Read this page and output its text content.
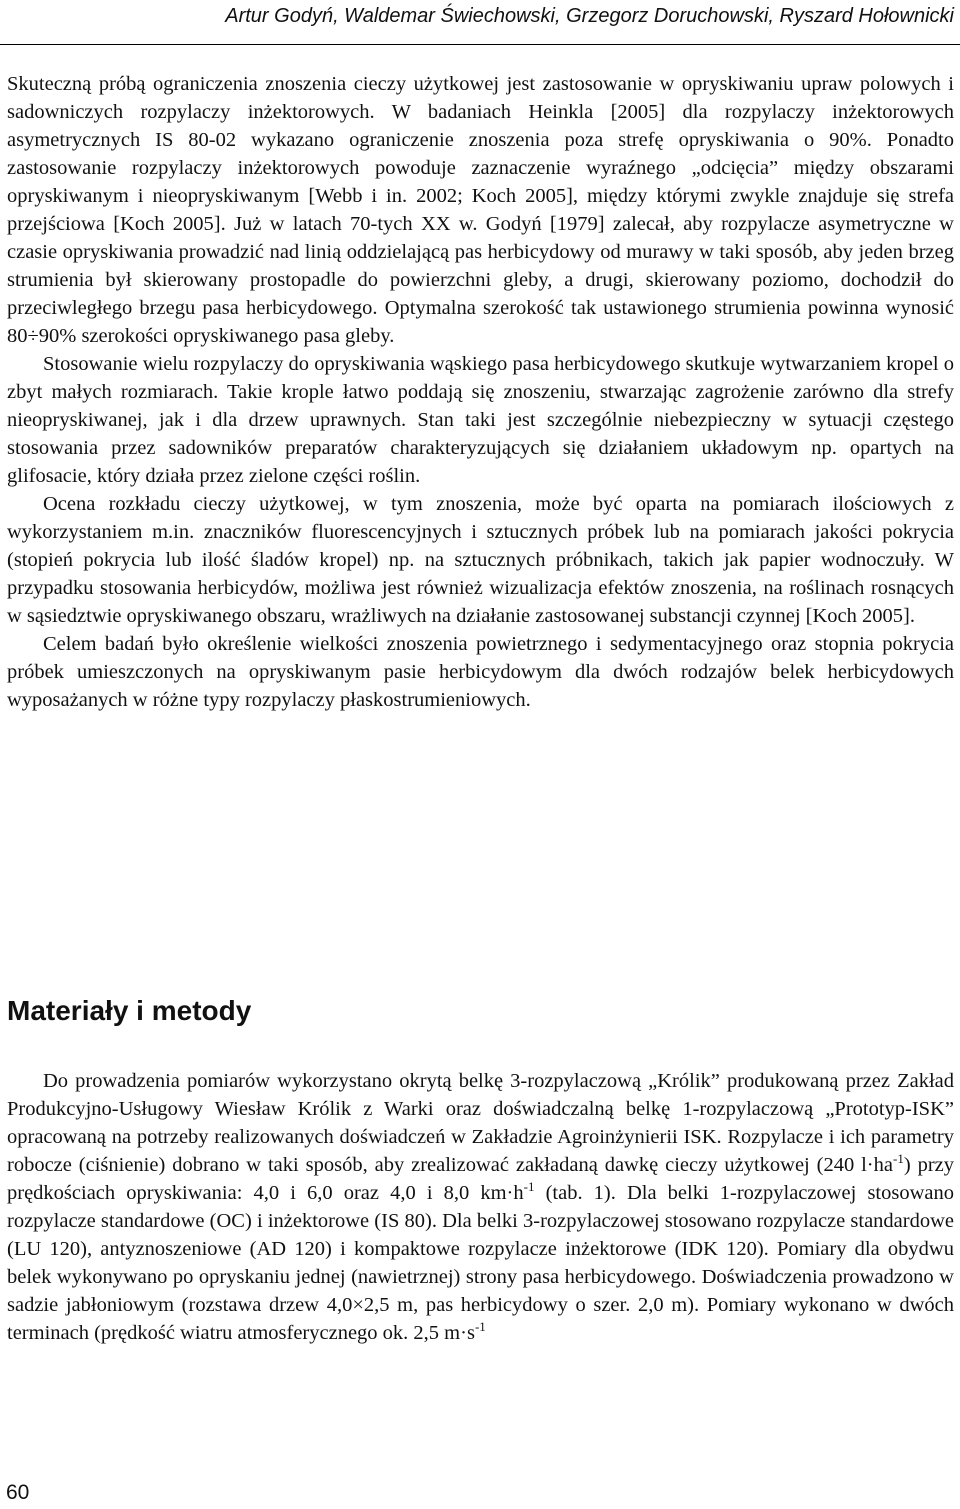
Artur Godyń, Waldemar Świechowski, Grzegorz Doruchowski, Ryszard Hołownicki

Skuteczną próbą ograniczenia znoszenia cieczy użytkowej jest zastosowanie w opryskiwaniu upraw polowych i sadowniczych rozpylaczy inżektorowych. W badaniach Heinkla [2005] dla rozpylaczy inżektorowych asymetrycznych IS 80-02 wykazano ograniczenie znoszenia poza strefę opryskiwania o 90%. Ponadto zastosowanie rozpylaczy inżektorowych powoduje zaznaczenie wyraźnego „odcięcia” między obszarami opryskiwanym i nieopryskiwanym [Webb i in. 2002; Koch 2005], między którymi zwykle znajduje się strefa przejściowa [Koch 2005]. Już w latach 70-tych XX w. Godyń [1979] zalecał, aby rozpylacze asymetryczne w czasie opryskiwania prowadzić nad linią oddzielającą pas herbicydowy od murawy w taki sposób, aby jeden brzeg strumienia był skierowany prostopadle do powierzchni gleby, a drugi, skierowany poziomo, dochodził do przeciwległego brzegu pasa herbicydowego. Optymalna szerokość tak ustawionego strumienia powinna wynosić 80÷90% szerokości opryskiwanego pasa gleby.

Stosowanie wielu rozpylaczy do opryskiwania wąskiego pasa herbicydowego skutkuje wytwarzaniem kropel o zbyt małych rozmiarach. Takie krople łatwo poddają się znoszeniu, stwarzając zagrożenie zarówno dla strefy nieopryskiwanej, jak i dla drzew uprawnych. Stan taki jest szczególnie niebezpieczny w sytuacji częstego stosowania przez sadowników preparatów charakteryzujących się działaniem układowym np. opartych na glifosacie, który działa przez zielone części roślin.

Ocena rozkładu cieczy użytkowej, w tym znoszenia, może być oparta na pomiarach ilościowych z wykorzystaniem m.in. znaczników fluorescencyjnych i sztucznych próbek lub na pomiarach jakości pokrycia (stopień pokrycia lub ilość śladów kropel) np. na sztucznych próbnikach, takich jak papier wodnoczuły. W przypadku stosowania herbicydów, możliwa jest również wizualizacja efektów znoszenia, na roślinach rosnących w sąsiedztwie opryskiwanego obszaru, wrażliwych na działanie zastosowanej substancji czynnej [Koch 2005].

Celem badań było określenie wielkości znoszenia powietrznego i sedymentacyjnego oraz stopnia pokrycia próbek umieszczonych na opryskiwanym pasie herbicydowym dla dwóch rodzajów belek herbicydowych wyposażanych w różne typy rozpylaczy płaskostrumieniowych.

Materiały i metody

Do prowadzenia pomiarów wykorzystano okrytą belkę 3-rozpylaczową „Królik” produkowaną przez Zakład Produkcyjno-Usługowy Wiesław Królik z Warki oraz doświadczalną belkę 1-rozpylaczową „Prototyp-ISK” opracowaną na potrzeby realizowanych doświadczeń w Zakładzie Agroinżynierii ISK. Rozpylacze i ich parametry robocze (ciśnienie) dobrano w taki sposób, aby zrealizować zakładaną dawkę cieczy użytkowej (240 $l\cdot ha^{-1}$) przy prędkościach opryskiwania: 4,0 i 6,0 oraz 4,0 i 8,0 $km\cdot h^{-1}$ (tab. 1). Dla belki 1-rozpylaczowej stosowano rozpylacze standardowe (OC) i inżektorowe (IS 80). Dla belki 3-rozpylaczowej stosowano rozpylacze standardowe (LU 120), antyznoszeniowe (AD 120) i kompaktowe rozpylacze inżektorowe (IDK 120). Pomiary dla obydwu belek wykonywano po opryskaniu jednej (nawietrznej) strony pasa herbicydowego. Doświadczenia prowadzono w sadzie jabłoniowym (rozstawa drzew 4,0×2,5 m, pas herbicydowy o szer. 2,0 m). Pomiary wykonano w dwóch terminach (prędkość wiatru atmosferycznego ok. 2,5 $m\cdot s^{-1}$

60
